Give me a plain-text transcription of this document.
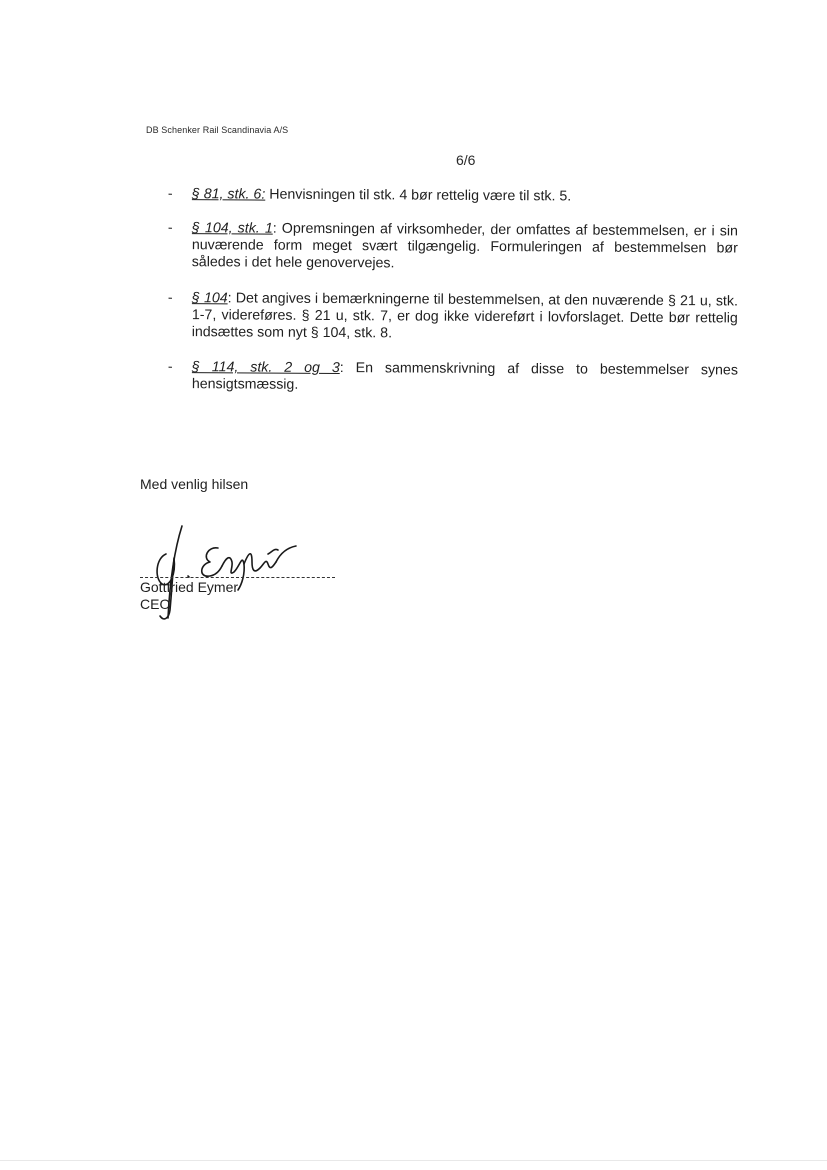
DB Schenker Rail Scandinavia A/S
6/6
- § 81, stk. 6: Henvisningen til stk. 4 bør rettelig være til stk. 5.
- § 104, stk. 1: Opremsningen af virksomheder, der omfattes af bestemmelsen, er i sin nuværende form meget svært tilgængelig. Formuleringen af bestemmelsen bør således i det hele genovervejes.
- § 104: Det angives i bemærkningerne til bestemmelsen, at den nuværende § 21 u, stk. 1-7, videreføres. § 21 u, stk. 7, er dog ikke videreført i lovforslaget. Dette bør rettelig indsættes som nyt § 104, stk. 8.
- § 114, stk. 2 og 3: En sammenskrivning af disse to bestemmelser synes hensigtsmæssig.
Med venlig hilsen
Gottfried Eymer
CEO
